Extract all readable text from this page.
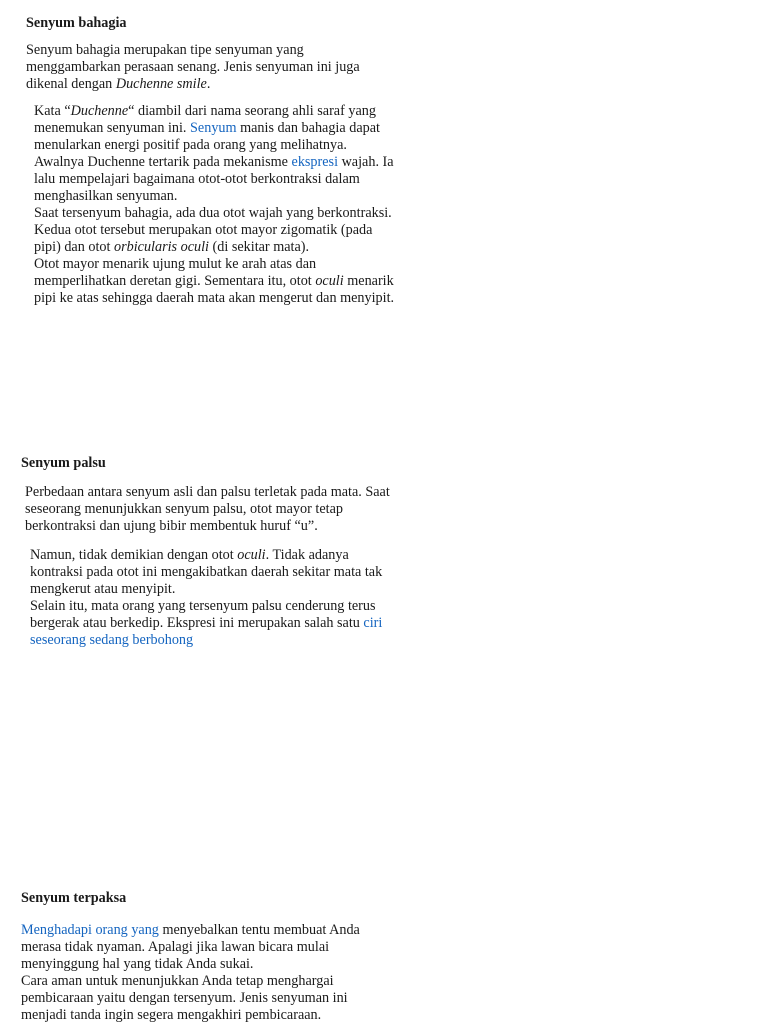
Senyum bahagia

Senyum bahagia merupakan tipe senyuman yang
menggambarkan perasaan senang. Jenis senyuman ini juga
dikenal dengan Duchenne smile.

Kata “Duchenne“ diambil dari nama seorang ahli saraf yang
menemukan senyuman ini. Senyum manis dan bahagia dapat
menularkan energi positif pada orang yang melihatnya.
Awalnya Duchenne tertarik pada mekanisme ekspresi wajah. Ia
lalu mempelajari bagaimana otot-otot berkontraksi dalam
menghasilkan senyuman.
Saat tersenyum bahagia, ada dua otot wajah yang berkontraksi.
Kedua otot tersebut merupakan otot mayor zigomatik (pada
pipi) dan otot orbicularis oculi (di sekitar mata).
Otot mayor menarik ujung mulut ke arah atas dan
memperlihatkan deretan gigi. Sementara itu, otot oculi menarik
pipi ke atas sehingga daerah mata akan mengerut dan menyipit.

Senyum palsu

Perbedaan antara senyum asli dan palsu terletak pada mata. Saat
seseorang menunjukkan senyum palsu, otot mayor tetap
berkontraksi dan ujung bibir membentuk huruf “u”.

Namun, tidak demikian dengan otot oculi. Tidak adanya
kontraksi pada otot ini mengakibatkan daerah sekitar mata tak
mengkerut atau menyipit.
Selain itu, mata orang yang tersenyum palsu cenderung terus
bergerak atau berkedip. Ekspresi ini merupakan salah satu ciri
seseorang sedang berbohong

Senyum terpaksa

Menghadapi orang yang menyebalkan tentu membuat Anda
merasa tidak nyaman. Apalagi jika lawan bicara mulai
menyinggung hal yang tidak Anda sukai.
Cara aman untuk menunjukkan Anda tetap menghargai
pembicaraan yaitu dengan tersenyum. Jenis senyuman ini
menjadi tanda ingin segera mengakhiri pembicaraan.
